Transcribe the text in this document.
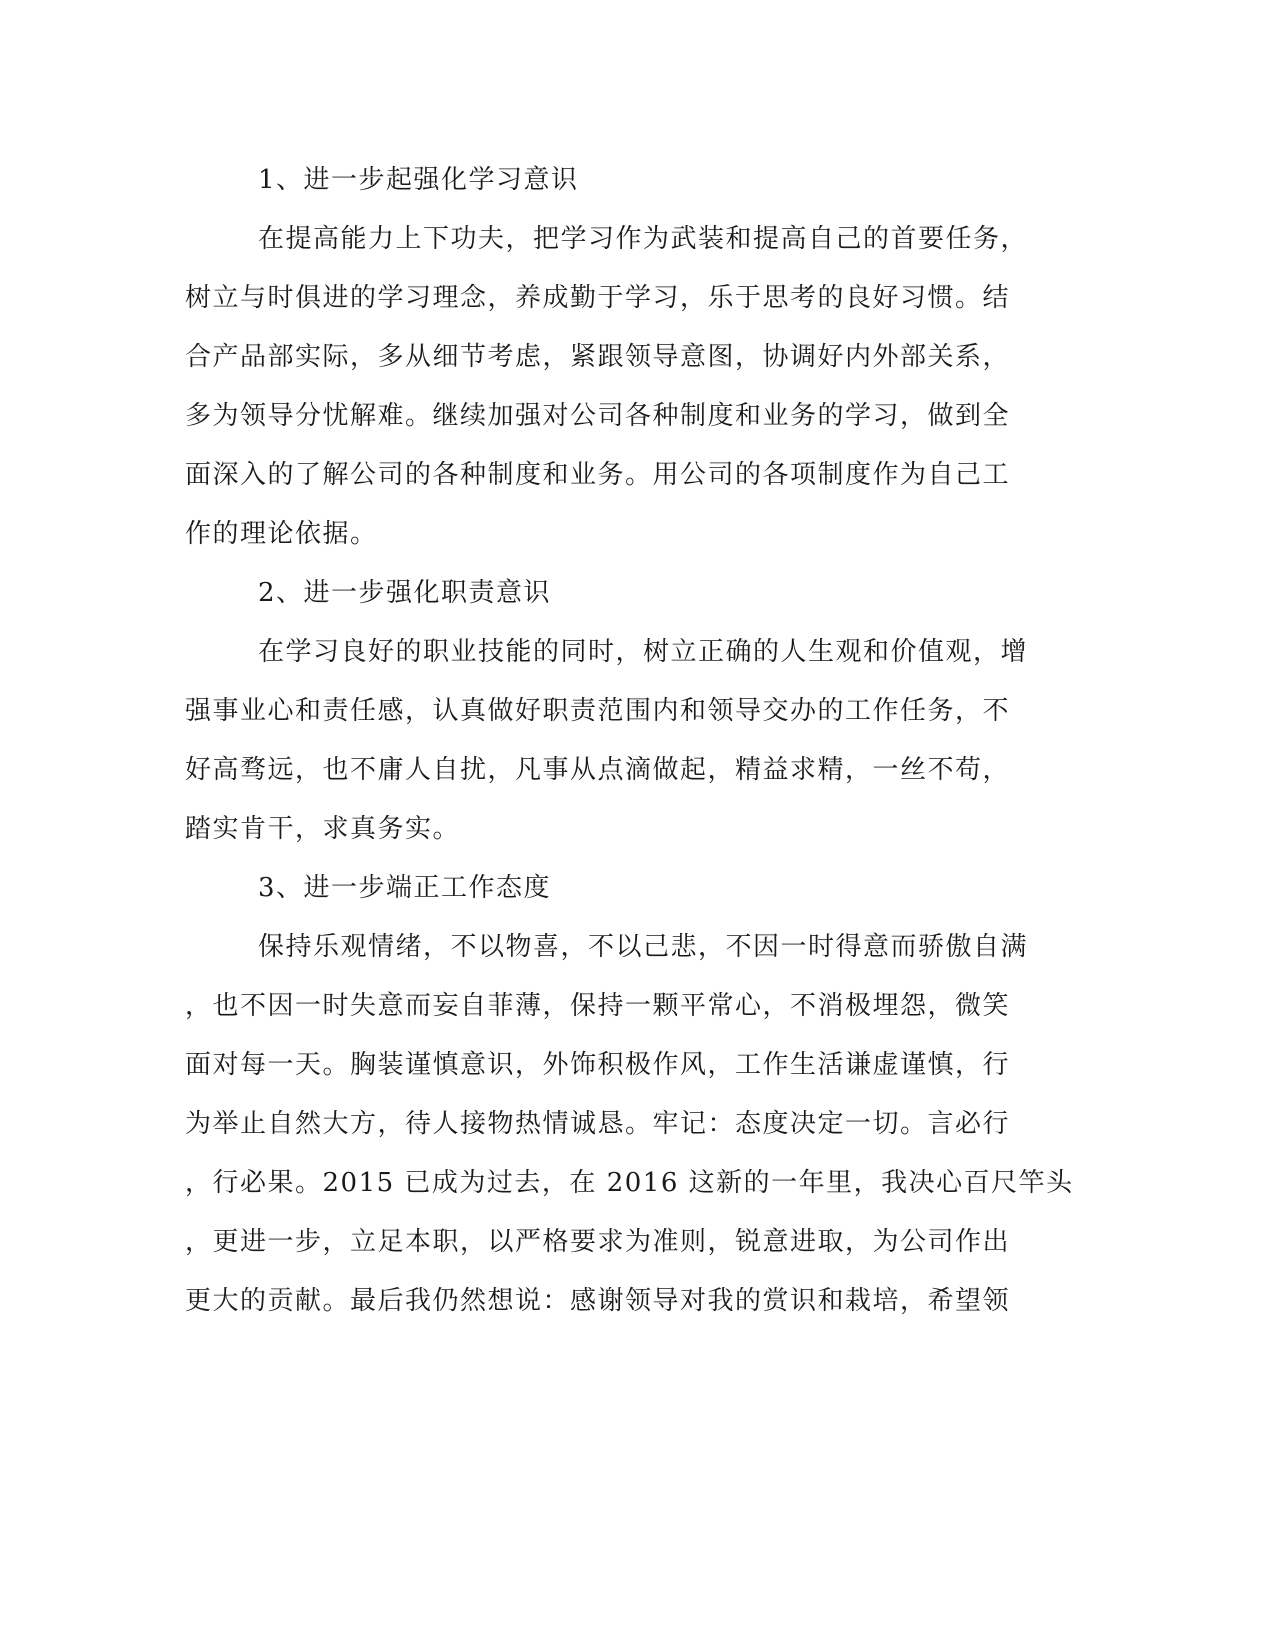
1、进一步起强化学习意识
在提高能力上下功夫，把学习作为武装和提高自己的首要任务，
树立与时俱进的学习理念，养成勤于学习，乐于思考的良好习惯。结
合产品部实际，多从细节考虑，紧跟领导意图，协调好内外部关系，
多为领导分忧解难。继续加强对公司各种制度和业务的学习，做到全
面深入的了解公司的各种制度和业务。用公司的各项制度作为自己工
作的理论依据。
2、进一步强化职责意识
在学习良好的职业技能的同时，树立正确的人生观和价值观，增
强事业心和责任感，认真做好职责范围内和领导交办的工作任务，不
好高骛远，也不庸人自扰，凡事从点滴做起，精益求精，一丝不苟，
踏实肯干，求真务实。
3、进一步端正工作态度
保持乐观情绪，不以物喜，不以己悲，不因一时得意而骄傲自满
，也不因一时失意而妄自菲薄，保持一颗平常心，不消极埋怨，微笑
面对每一天。胸装谨慎意识，外饰积极作风，工作生活谦虚谨慎，行
为举止自然大方，待人接物热情诚恳。牢记：态度决定一切。言必行
，行必果。2015 已成为过去，在 2016 这新的一年里，我决心百尺竿头
，更进一步，立足本职，以严格要求为准则，锐意进取，为公司作出
更大的贡献。最后我仍然想说：感谢领导对我的赏识和栽培，希望领
